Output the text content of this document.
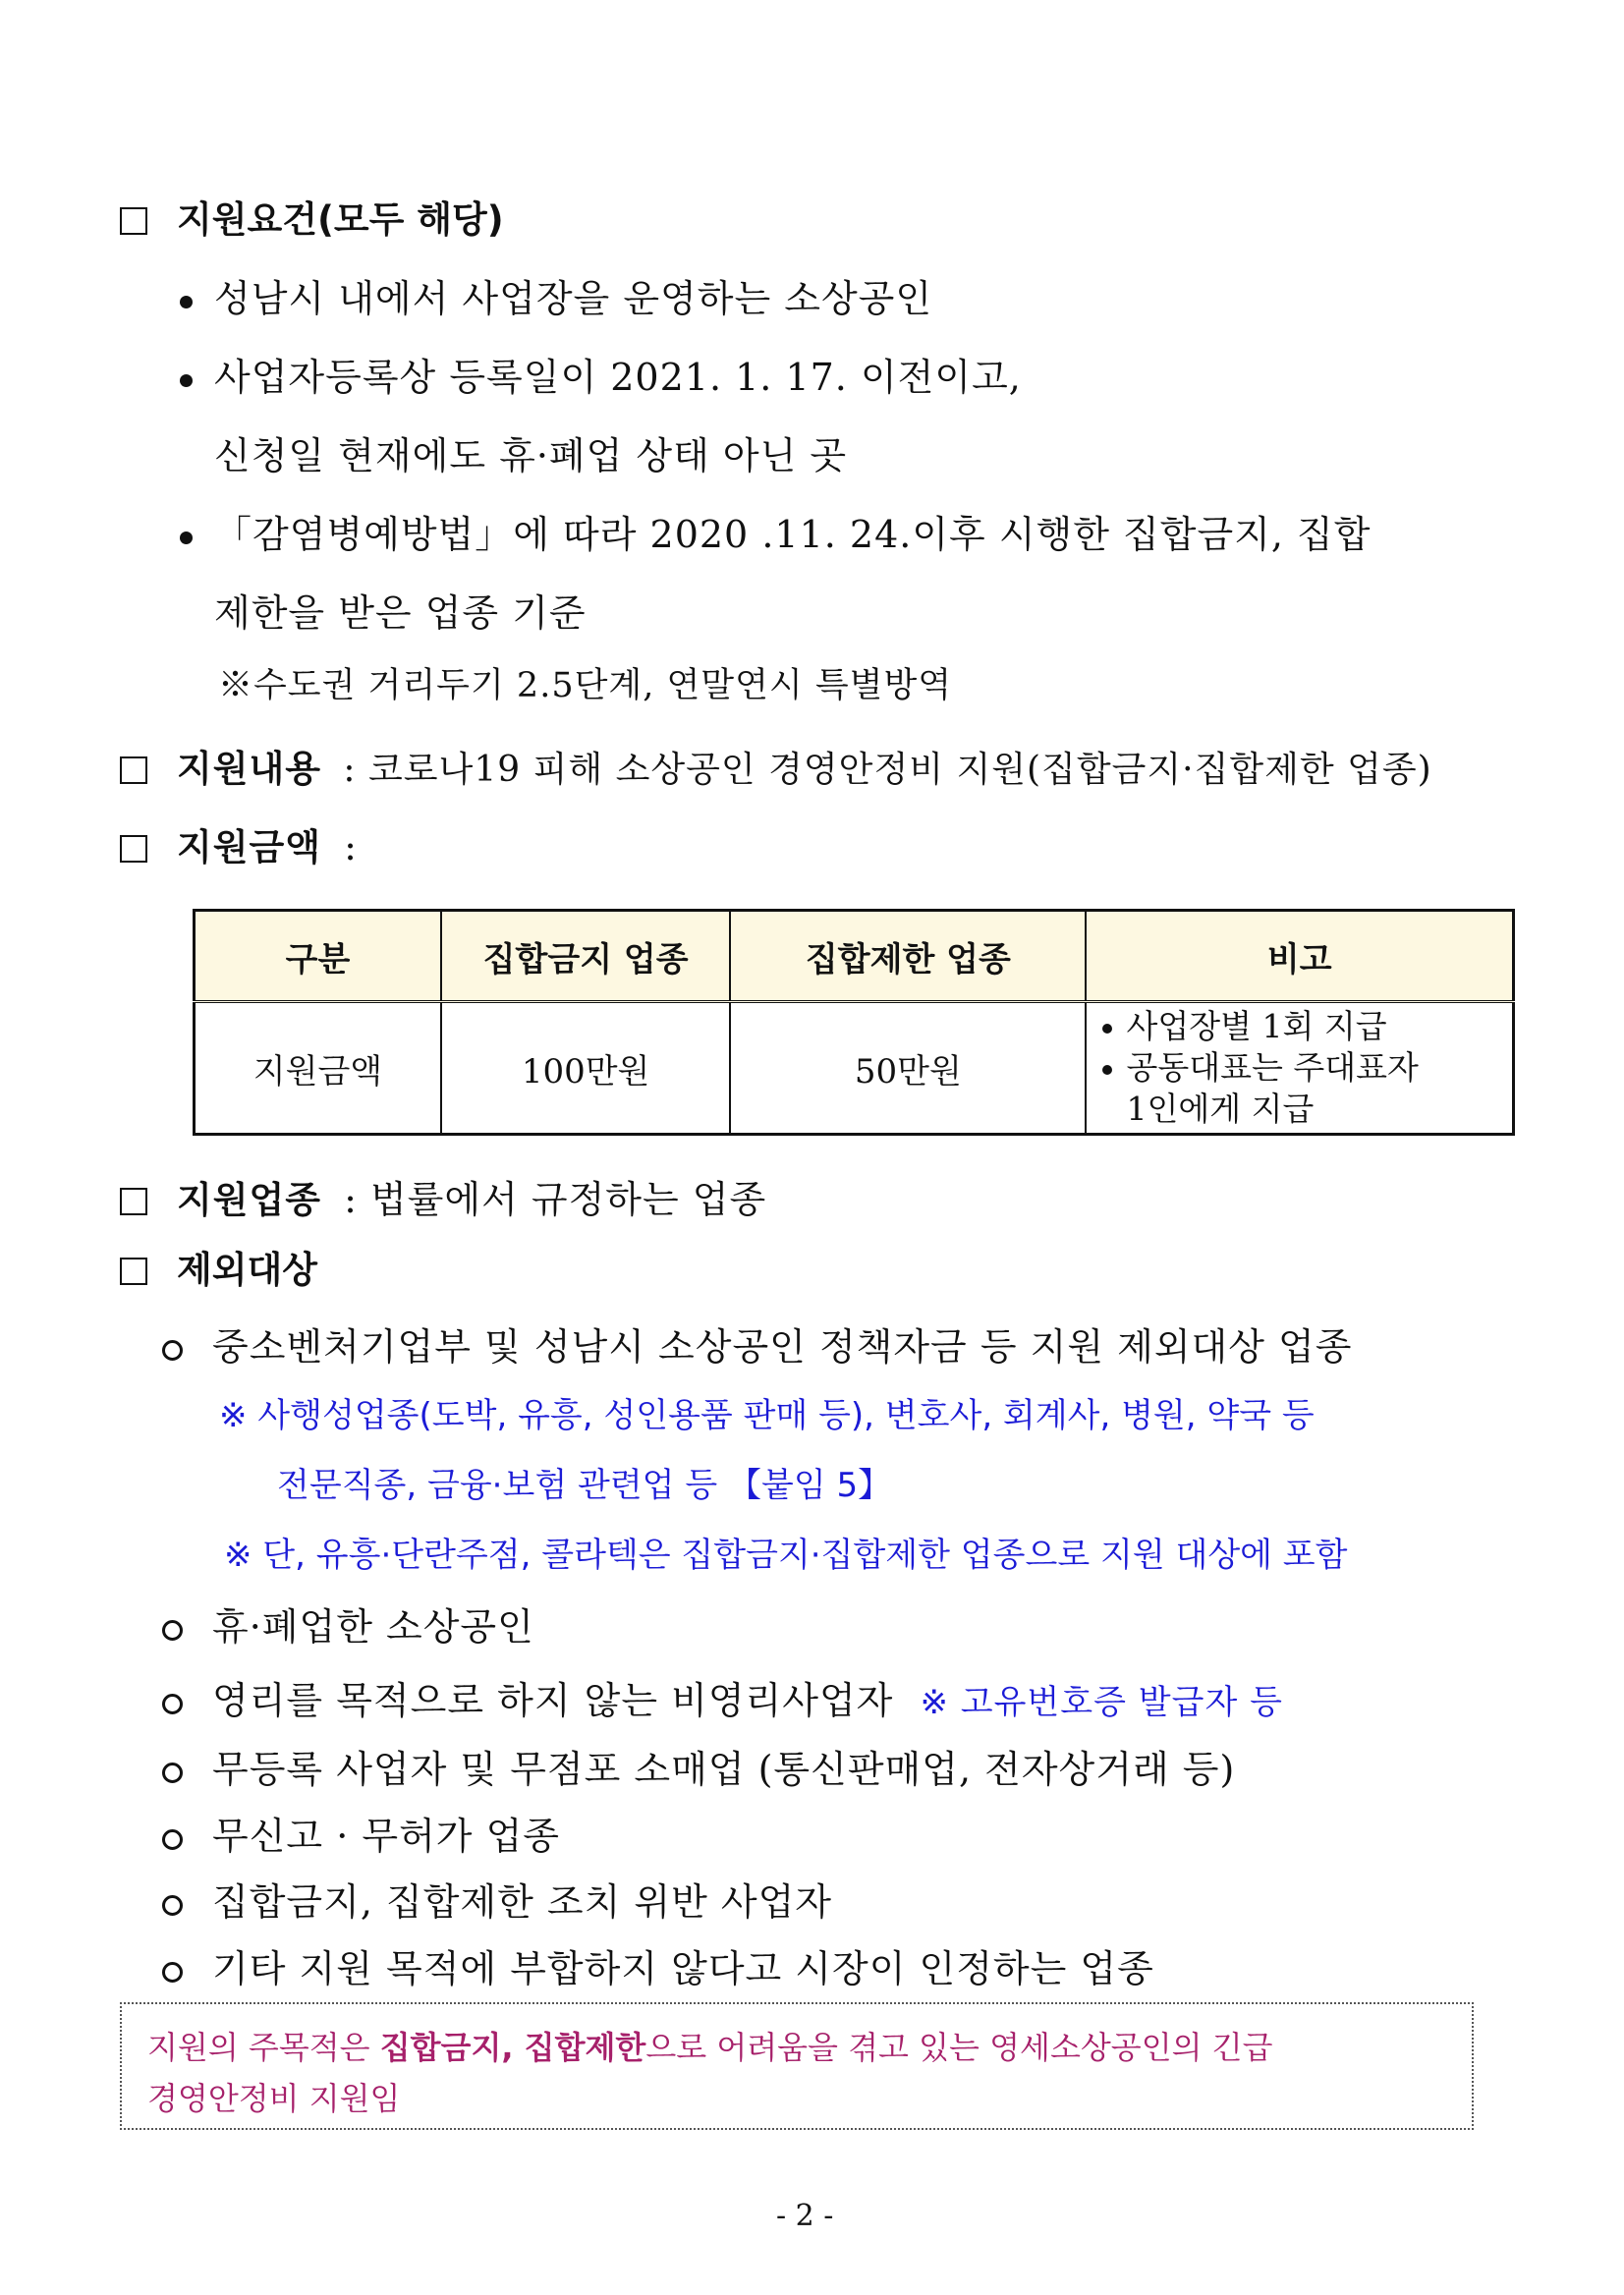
지원요건(모두 해당)
성남시 내에서 사업장을 운영하는 소상공인
사업자등록상 등록일이 2021. 1. 17. 이전이고,
신청일 현재에도 휴·폐업 상태 아닌 곳
「감염병예방법」에 따라 2020 .11. 24.이후 시행한 집합금지, 집합
제한을 받은 업종 기준
※수도권 거리두기 2.5단계, 연말연시 특별방역
지원내용 : 코로나19 피해 소상공인 경영안정비 지원(집합금지·집합제한 업종)
지원금액 :
구분	집합금지 업종	집합제한 업종	비고
지원금액	100만원	50만원	사업장별 1회 지급
공동대표는 주대표자
1인에게 지급
지원업종 : 법률에서 규정하는 업종
제외대상
중소벤처기업부 및 성남시 소상공인 정책자금 등 지원 제외대상 업종
※ 사행성업종(도박, 유흥, 성인용품 판매 등), 변호사, 회계사, 병원, 약국 등
전문직종, 금융·보험 관련업 등 【붙임 5】
※ 단, 유흥·단란주점, 콜라텍은 집합금지·집합제한 업종으로 지원 대상에 포함
휴·폐업한 소상공인
영리를 목적으로 하지 않는 비영리사업자 ※ 고유번호증 발급자 등
무등록 사업자 및 무점포 소매업 (통신판매업, 전자상거래 등)
무신고 · 무허가 업종
집합금지, 집합제한 조치 위반 사업자
기타 지원 목적에 부합하지 않다고 시장이 인정하는 업종
지원의 주목적은 집합금지, 집합제한으로 어려움을 겪고 있는 영세소상공인의 긴급
경영안정비 지원임
- 2 -
